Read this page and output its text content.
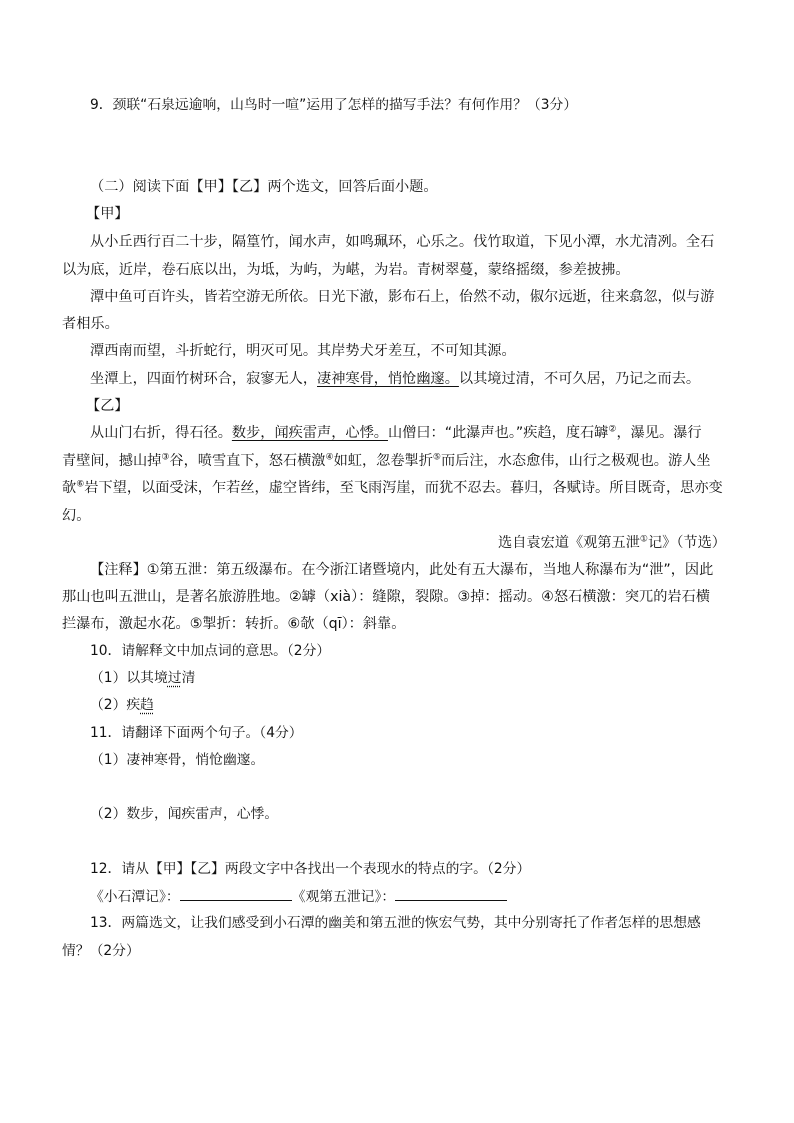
9．颈联“石泉远逾响，山鸟时一喧”运用了怎样的描写手法？有何作用？（3分）
（二）阅读下面【甲】【乙】两个选文，回答后面小题。
【甲】
从小丘西行百二十步，隔篁竹，闻水声，如鸣珮环，心乐之。伐竹取道，下见小潭，水尤清冽。全石
以为底，近岸，卷石底以出，为坻，为屿，为嵁，为岩。青树翠蔓，蒙络摇缀，参差披拂。
潭中鱼可百许头，皆若空游无所依。日光下澈，影布石上，佁然不动，俶尔远逝，往来翕忽，似与游
者相乐。
潭西南而望，斗折蛇行，明灭可见。其岸势犬牙差互，不可知其源。
坐潭上，四面竹树环合，寂寥无人，凄神寒骨，悄怆幽邃。以其境过清，不可久居，乃记之而去。
【乙】
从山门右折，得石径。数步，闻疾雷声，心悸。山僧曰：“此瀑声也。”疾趋，度石罅②，瀑见。瀑行
青壁间，撼山掉③谷，喷雪直下，怒石横激④如虹，忽卷掣折⑤而后注，水态愈伟，山行之极观也。游人坐
欹⑥岩下望，以面受沫，乍若丝，虚空皆纬，至飞雨泻崖，而犹不忍去。暮归，各赋诗。所目既奇，思亦变
幻。
选自袁宏道《观第五泄①记》（节选）
【注释】①第五泄：第五级瀑布。在今浙江诸暨境内，此处有五大瀑布，当地人称瀑布为“泄”，因此
那山也叫五泄山，是著名旅游胜地。②罅（xià）：缝隙，裂隙。③掉：摇动。④怒石横激：突兀的岩石横
拦瀑布，激起水花。⑤掣折：转折。⑥欹（qī）：斜靠。
10．请解释文中加点词的意思。（2分）
（1）以其境过清
（2）疾趋
11．请翻译下面两个句子。（4分）
（1）凄神寒骨，悄怆幽邃。
（2）数步，闻疾雷声，心悸。
12．请从【甲】【乙】两段文字中各找出一个表现水的特点的字。（2分）
《小石潭记》：	《观第五泄记》：
13．两篇选文，让我们感受到小石潭的幽美和第五泄的恢宏气势，其中分别寄托了作者怎样的思想感
情？（2分）
